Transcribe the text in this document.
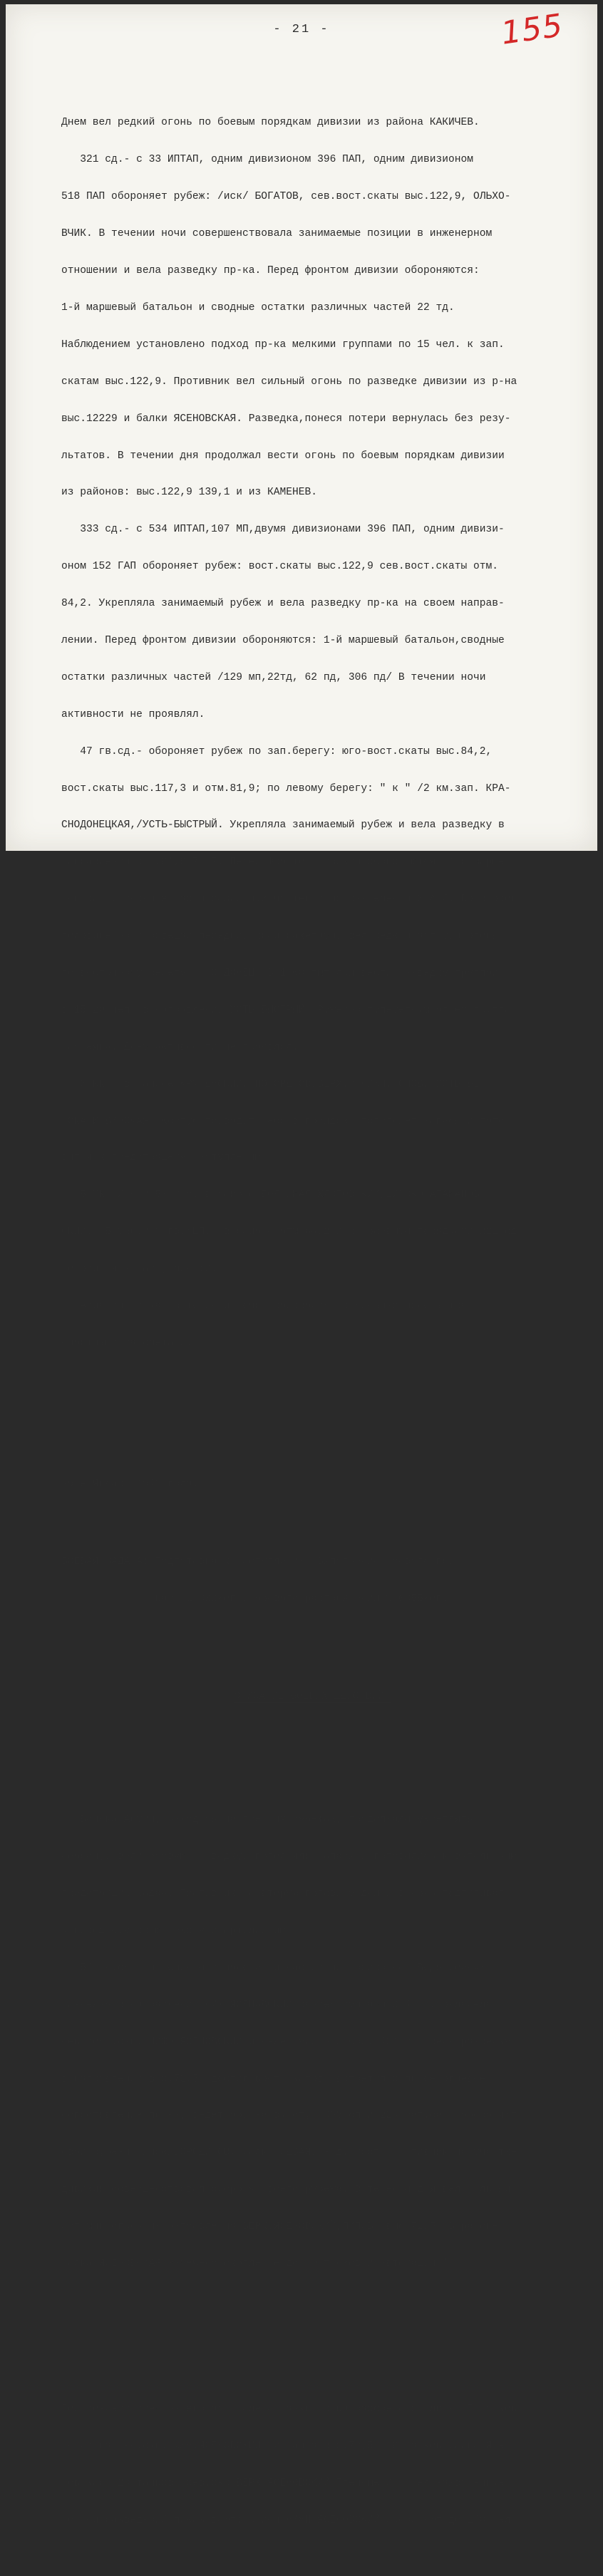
- 21 -	155

Днем вел редкий огонь по боевым порядкам дивизии из района КАКИЧЕВ.

321 сд.- с 33 ИПТАП, одним дивизионом 396 ПАП, одним дивизионом

518 ПАП обороняет рубеж: /иск/ БОГАТОВ, сев.вост.скаты выс.122,9, ОЛЬХО-

ВЧИК. В течении ночи совершенствовала занимаемые позиции в инженерном

отношении и вела разведку пр-ка. Перед фронтом дивизии обороняются:

1-й маршевый батальон и сводные остатки различных частей 22 тд.

Наблюдением установлено подход пр-ка мелкими группами по 15 чел. к зап.

скатам выс.122,9. Противник вел сильный огонь по разведке дивизии из р-на

выс.12229 и балки ЯСЕНОВСКАЯ. Разведка,понеся потери вернулась без резу-

льтатов. В течении дня продолжал вести огонь по боевым порядкам дивизии

из районов: выс.122,9 139,1 и из КАМЕНЕВ.

333 сд.- с 534 ИПТАП,107 МП,двумя дивизионами 396 ПАП, одним дивизи-

оном 152 ГАП обороняет рубеж: вост.скаты выс.122,9 сев.вост.скаты отм.

84,2. Укрепляла занимаемый рубеж и вела разведку пр-ка на своем направ-

лении. Перед фронтом дивизии обороняются: 1-й маршевый батальон,сводные

остатки различных частей /129 мп,22тд, 62 пд, 306 пд/ В течении ночи

активности не проявлял.

47 гв.сд.- обороняет рубеж по зап.берегу: юго-вост.скаты выс.84,2,

вост.скаты выс.117,3 и отм.81,9; по левому берегу: " к " /2 км.зап. КРА-

СНОДОНЕЦКАЯ,/УСТЬ-БЫСТРЫЙ. Укрепляла занимаемый рубеж и вела разведку в

направлении отм.91,9 71,7. Перед Фронтом дивизии обороняются: 1-й марше-

вый ба-н, сводные части различных частей и подразделений 8 АШД. Во второй

половине ночи,освещая передний край ракетами, вел редкий арт.мин.огонь

по восточному берегу р. С-ДОНЕЦ. В 1-00 пытался вести разведку группой

в 15-20 чел. в направлении УСТЬ-БЫСТРЫЙ. Ружейно-пулеметным огнем группа

рассеяна. Днем активности не проявлял.

8 КК.- в районе КРУТЕНСКИЙ, ПОГОРЕЛОВ,ВЕРХ.и НИЖН.ПОПОВ, УСТЬ-БЕ-

ЛОКАЛИТВИНСКАЯ. Корпус приводит себя в порядок, пополняет запасы и гото-

вится к предстоящему наступлению.

5 МК.-/49 и 50 мбр.-в районе БОЛ.ИМАЛ.ХЛОПОВСКИЙ,ШИРОКО-АТАМАНОВ-

СКИЙ. 45 мбр.и 3 гв.МЦП.- в районе отм.64,2 / за боевыми порядками 321 сд

готовится к наступлению/.

Авиация пр-ка  в течении ночи производила отдельные полеты тран-

спортными самолетами.

29-е Января 1943 года.

БОЕВАЯ ЗАДАЧА: Подготовка к наступлению. Выполнение боевого при-

============== каза № 006/оп и боевого распоряжения № 0055/оп.

ОПИСАНИЕ БОЕВЫХ ДЕЙСТВИЙ:

==========================

Войска Армии, находясь на прежних рубежах, продолжали укреплять

оборону, вели боевую разведку, пополняли запасы и готовились к выполнению

предстоящих задач. Противник за вторую половину дня и в ночь подтягивал

к переднему краю пехоту и артиллерию.

54 гв.сд.- изменений в положении частей не произошло. Ведя боевую

разведку в направлении НИЖ.ЯСЕНОВСКИЙ разведгруппами 634 сп, овладела

сев.вост.окр. НИЖН.ЯСЕНОВСКИЙ и ведет уличный бой. 421 сп, ведя разведку

в направлении выс.72,5  достиг вост.скатов, встретил сильное огневое

сопротивление пр-ка, ведет бой за высоту. 365 сп и 224 сап.ба-н обороняют

свои рубежи: /иск/БОРОДИНОВ, балка ЛЕВАЯ, ж.д. мост. Противник на участке

дивизии совершенствовал оборону своего рубежа. В течении дня вел сильный

арт.мин.огонь из направления ВЕРХ.ЯСЕНОВСКИЙ,ЛИПОВ, выс.72,5. В районе

балка ЯСЕНОВСКАЯ замечено скопление до 40 танков и автомашин.'

Под воздействием нашего арт.налета танки пр-ка рассредоточились: 7 танков

вышли на южн.окр. ЮЖН.ЯСЕНОВСКИЙ; 2 танка-выс.72,5 ; 9 танков-балка Ясе-

новская; 20 танков- сев.окр.ВЕРХ.ЯСЕНОВСКИЙ.Пленные / 3 чел.захваченные

ночной разведкой/ показывают: район НИЖН.ЯСЕНОВСКИЙ обороняют до 140 чел.
